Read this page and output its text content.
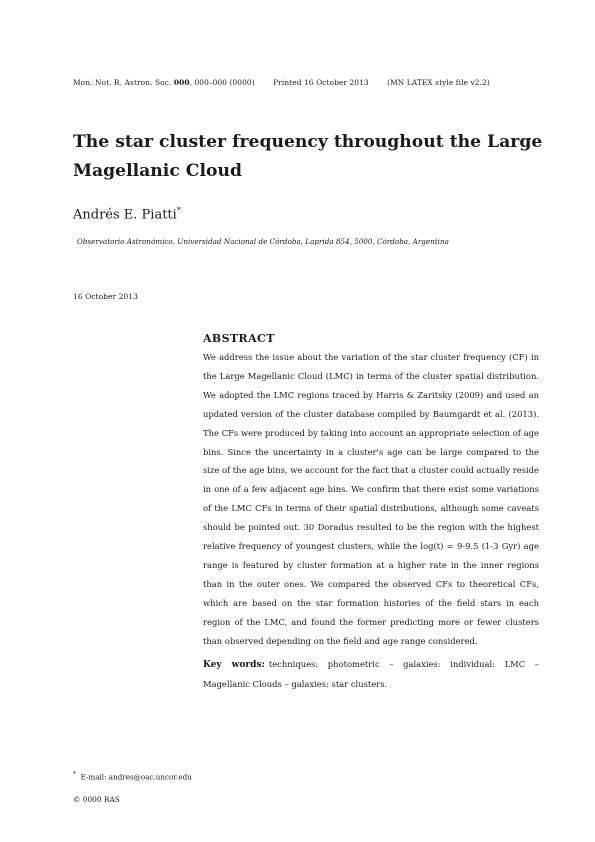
Mon. Not. R. Astron. Soc. 000, 000–000 (0000) Printed 16 October 2013 (MN LATEX style file v2.2)
The star cluster frequency throughout the Large Magellanic Cloud
Andrés E. Piatti*
Observatorio Astronómico, Universidad Nacional de Córdoba, Laprida 854, 5000, Córdoba, Argentina
16 October 2013
ABSTRACT

We address the issue about the variation of the star cluster frequency (CF) in the Large Magellanic Cloud (LMC) in terms of the cluster spatial distribution. We adopted the LMC regions traced by Harris & Zaritsky (2009) and used an updated version of the cluster database compiled by Baumgardt et al. (2013). The CFs were produced by taking into account an appropriate selection of age bins. Since the uncertainty in a cluster's age can be large compared to the size of the age bins, we account for the fact that a cluster could actually reside in one of a few adjacent age bins. We confirm that there exist some variations of the LMC CFs in terms of their spatial distributions, although some caveats should be pointed out. 30 Doradus resulted to be the region with the highest relative frequency of youngest clusters, while the log(t) = 9-9.5 (1-3 Gyr) age range is featured by cluster formation at a higher rate in the inner regions than in the outer ones. We compared the observed CFs to theoretical CFs, which are based on the star formation histories of the field stars in each region of the LMC, and found the former predicting more or fewer clusters than observed depending on the field and age range considered.

Key words: techniques: photometric – galaxies: individual: LMC – Magellanic Clouds – galaxies: star clusters.

* E-mail: andres@oac.uncor.edu
© 0000 RAS
